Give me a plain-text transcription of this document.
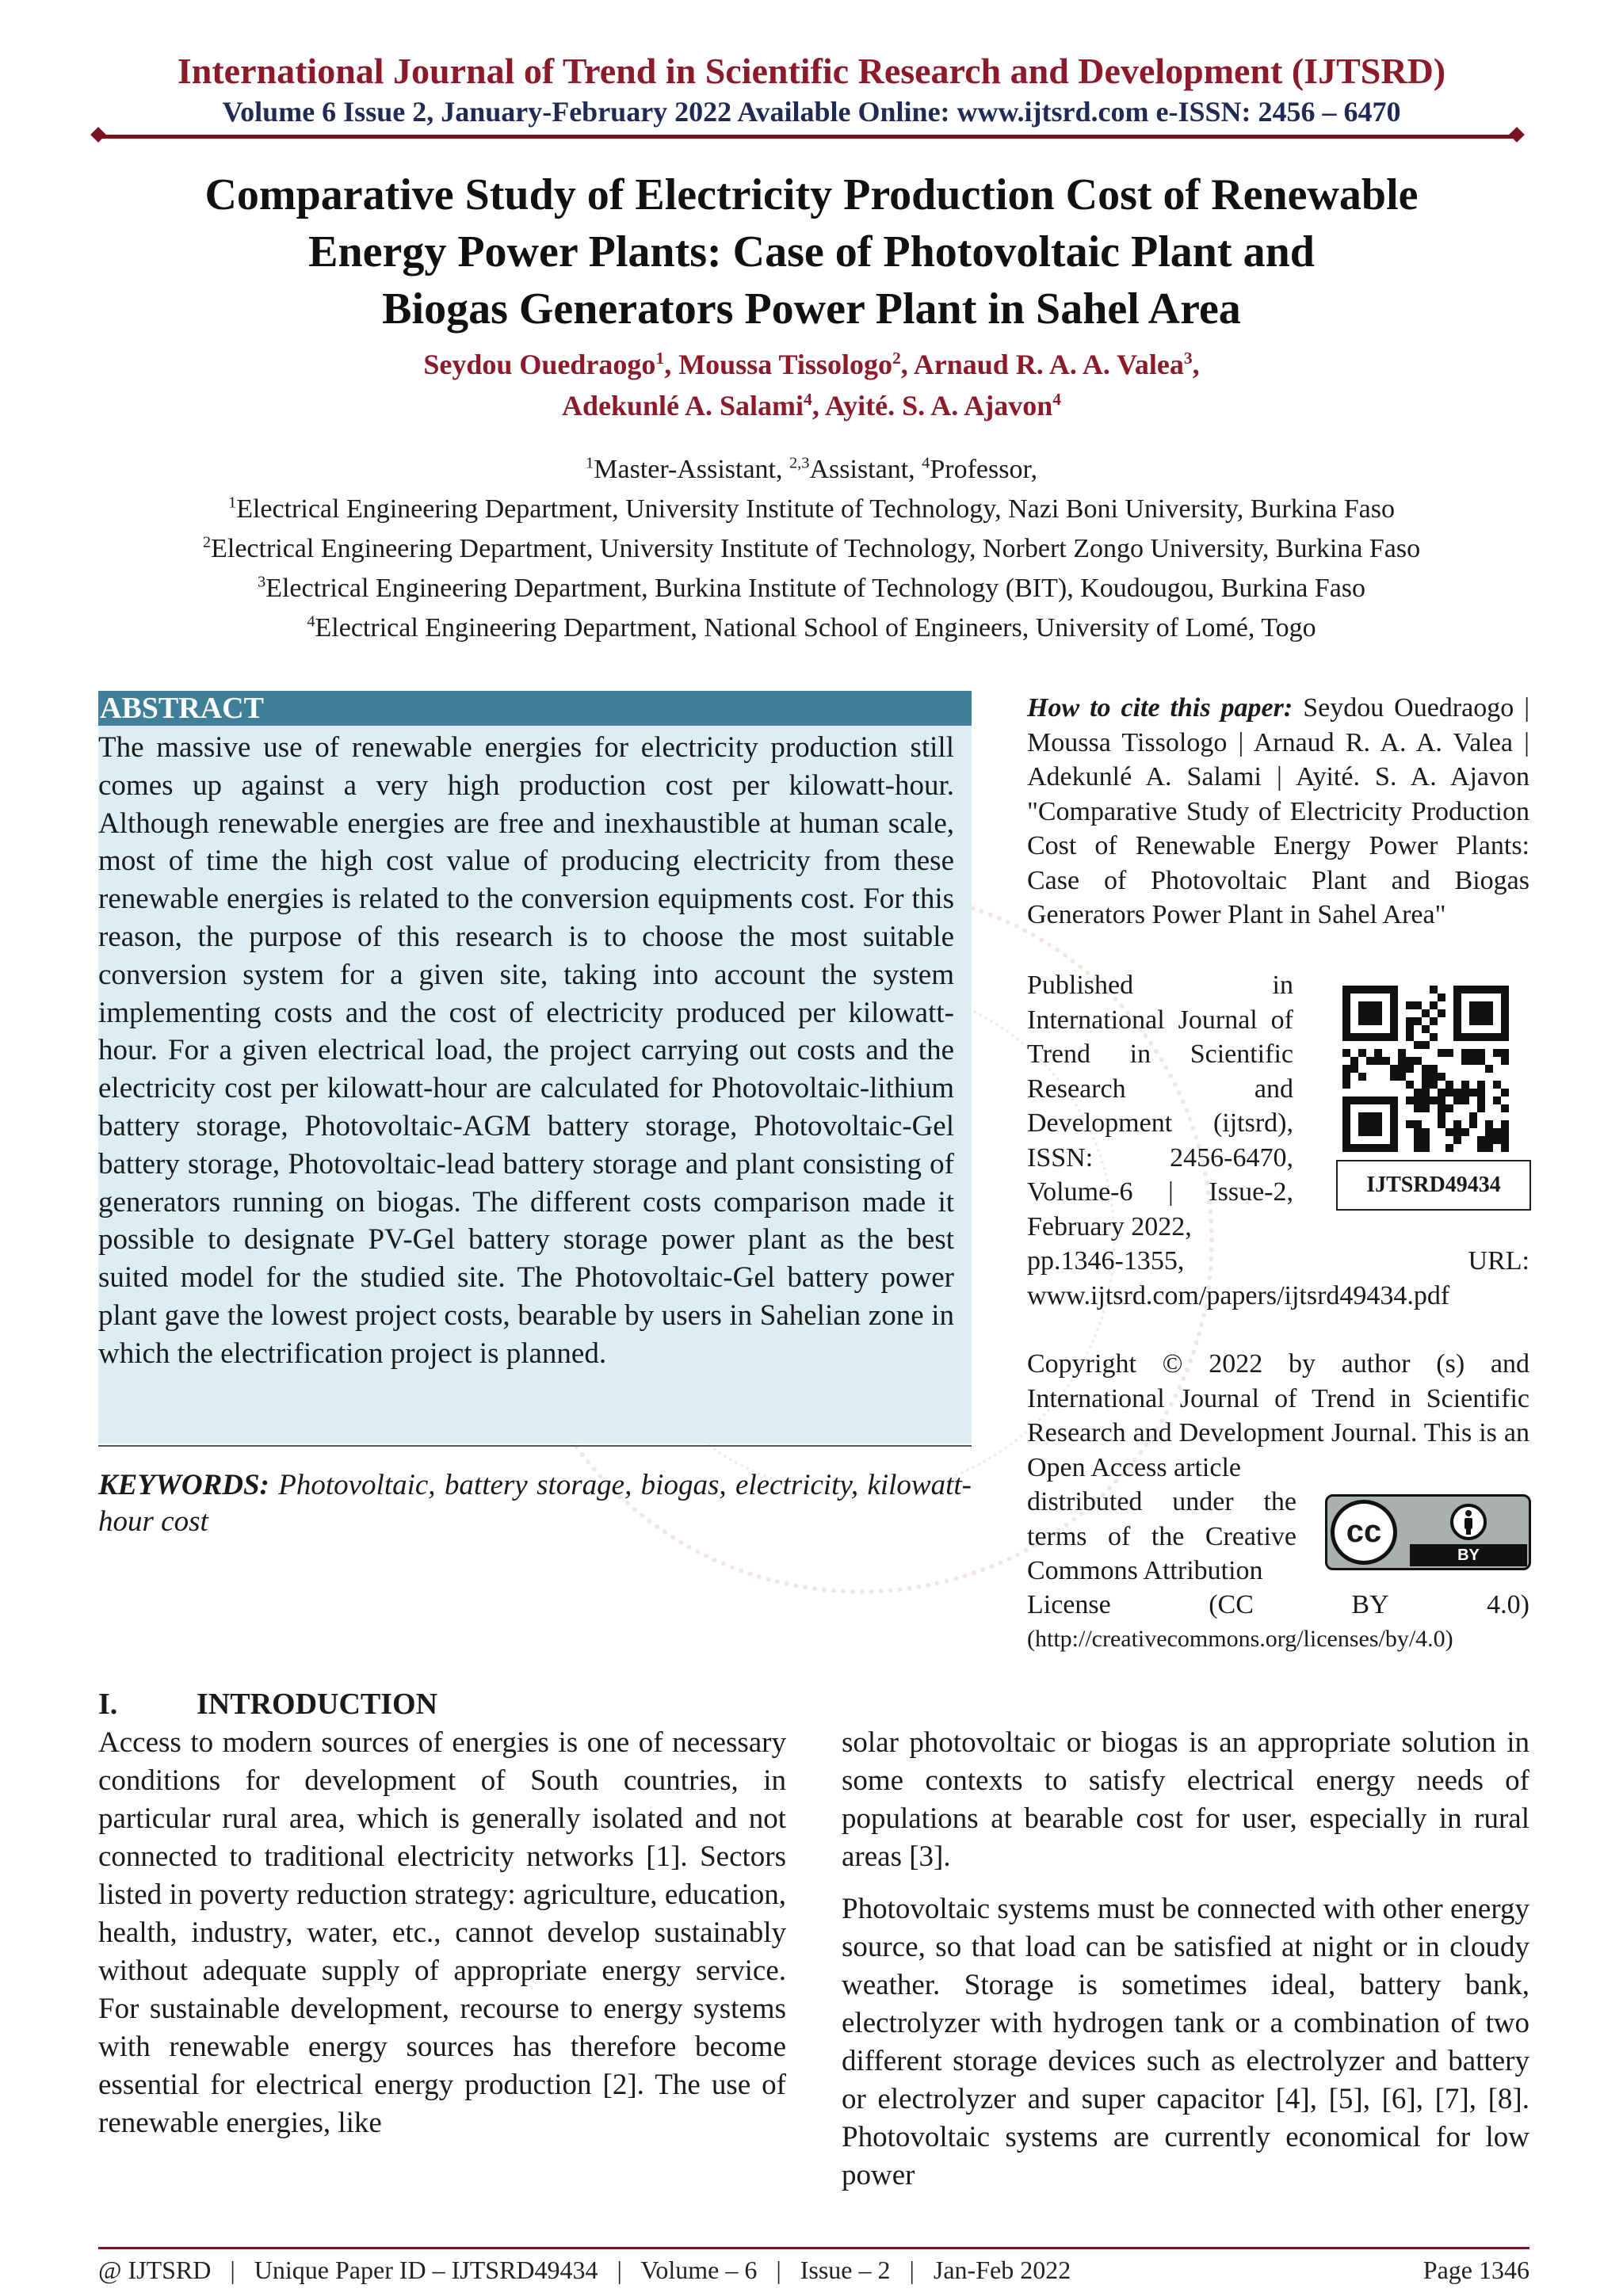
International Journal of Trend in Scientific Research and Development (IJTSRD)
Volume 6 Issue 2, January-February 2022 Available Online: www.ijtsrd.com e-ISSN: 2456 – 6470
Comparative Study of Electricity Production Cost of Renewable
Energy Power Plants: Case of Photovoltaic Plant and
Biogas Generators Power Plant in Sahel Area
Seydou Ouedraogo$^1$, Moussa Tissologo$^2$, Arnaud R. A. A. Valea$^3$,
Adekunlé A. Salami$^4$, Ayité. S. A. Ajavon$^4$
$^1$Master-Assistant, $^{2,3}$Assistant, $^4$Professor,
$^1$Electrical Engineering Department, University Institute of Technology, Nazi Boni University, Burkina Faso
$^2$Electrical Engineering Department, University Institute of Technology, Norbert Zongo University, Burkina Faso
$^3$Electrical Engineering Department, Burkina Institute of Technology (BIT), Koudougou, Burkina Faso
$^4$Electrical Engineering Department, National School of Engineers, University of Lomé, Togo
ABSTRACT
The massive use of renewable energies for electricity production still comes up against a very high production cost per kilowatt-hour. Although renewable energies are free and inexhaustible at human scale, most of time the high cost value of producing electricity from these renewable energies is related to the conversion equipments cost. For this reason, the purpose of this research is to choose the most suitable conversion system for a given site, taking into account the system implementing costs and the cost of electricity produced per kilowatt-hour. For a given electrical load, the project carrying out costs and the electricity cost per kilowatt-hour are calculated for Photovoltaic-lithium battery storage, Photovoltaic-AGM battery storage, Photovoltaic-Gel battery storage, Photovoltaic-lead battery storage and plant consisting of generators running on biogas. The different costs comparison made it possible to designate PV-Gel battery storage power plant as the best suited model for the studied site. The Photovoltaic-Gel battery power plant gave the lowest project costs, bearable by users in Sahelian zone in which the electrification project is planned.
KEYWORDS: Photovoltaic, battery storage, biogas, electricity, kilowatt-hour cost
How to cite this paper: Seydou Ouedraogo | Moussa Tissologo | Arnaud R. A. A. Valea | Adekunlé A. Salami | Ayité. S. A. Ajavon "Comparative Study of Electricity Production Cost of Renewable Energy Power Plants: Case of Photovoltaic Plant and Biogas Generators Power Plant in Sahel Area"
Published in International Journal of Trend in Scientific Research and Development (ijtsrd), ISSN: 2456-6470, Volume-6 | Issue-2, February 2022,
pp.1346-1355,	URL:
www.ijtsrd.com/papers/ijtsrd49434.pdf
IJTSRD49434
Copyright © 2022 by author (s) and International Journal of Trend in Scientific Research and Development Journal. This is an Open Access article
distributed under the terms of the Creative Commons Attribution
License	(CC	BY	4.0)
(http://creativecommons.org/licenses/by/4.0)
cc
BY
I.	INTRODUCTION
Access to modern sources of energies is one of necessary conditions for development of South countries, in particular rural area, which is generally isolated and not connected to traditional electricity networks [1]. Sectors listed in poverty reduction strategy: agriculture, education, health, industry, water, etc., cannot develop sustainably without adequate supply of appropriate energy service. For sustainable development, recourse to energy systems with renewable energy sources has therefore become essential for electrical energy production [2]. The use of renewable energies, like
solar photovoltaic or biogas is an appropriate solution in some contexts to satisfy electrical energy needs of populations at bearable cost for user, especially in rural areas [3].
Photovoltaic systems must be connected with other energy source, so that load can be satisfied at night or in cloudy weather. Storage is sometimes ideal, battery bank, electrolyzer with hydrogen tank or a combination of two different storage devices such as electrolyzer and battery or electrolyzer and super capacitor [4], [5], [6], [7], [8]. Photovoltaic systems are currently economical for low power
@ IJTSRD   |   Unique Paper ID – IJTSRD49434   |   Volume – 6   |   Issue – 2   |   Jan-Feb 2022	Page 1346
